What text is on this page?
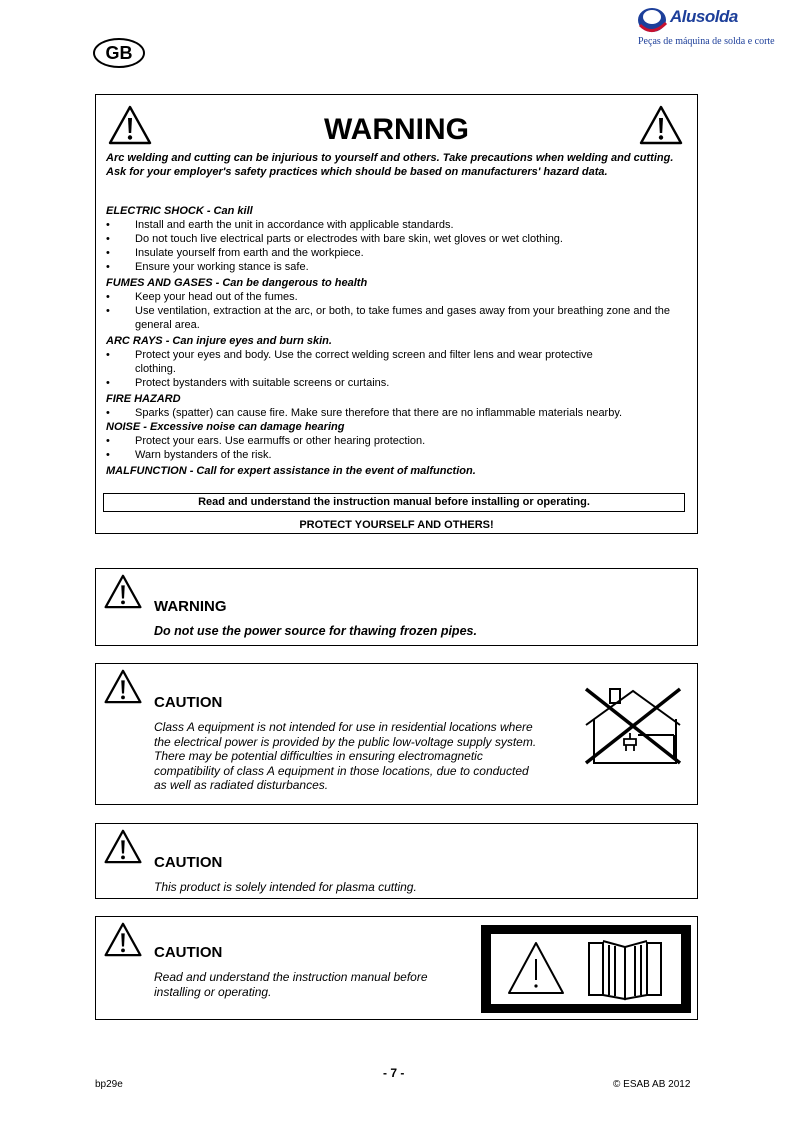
GB
Alusolda
Peças de máquina de solda e corte
WARNING
Arc welding and cutting can be injurious to yourself and others. Take precautions when welding and cutting. Ask for your employer's safety practices which should be based on manufacturers' hazard data.
ELECTRIC SHOCK - Can kill
• Install and earth the unit in accordance with applicable standards.
• Do not touch live electrical parts or electrodes with bare skin, wet gloves or wet clothing.
• Insulate yourself from earth and the workpiece.
• Ensure your working stance is safe.
FUMES AND GASES - Can be dangerous to health
• Keep your head out of the fumes.
• Use ventilation, extraction at the arc, or both, to take fumes and gases away from your breathing zone and the general area.
ARC RAYS - Can injure eyes and burn skin.
• Protect your eyes and body. Use the correct welding screen and filter lens and wear protective clothing.
• Protect bystanders with suitable screens or curtains.
FIRE HAZARD
• Sparks (spatter) can cause fire. Make sure therefore that there are no inflammable materials nearby.
NOISE - Excessive noise can damage hearing
• Protect your ears. Use earmuffs or other hearing protection.
• Warn bystanders of the risk.
MALFUNCTION - Call for expert assistance in the event of malfunction.
Read and understand the instruction manual before installing or operating.
PROTECT YOURSELF AND OTHERS!
WARNING
Do not use the power source for thawing frozen pipes.
CAUTION
Class A equipment is not intended for use in residential locations where
the electrical power is provided by the public low-voltage supply system.
There may be potential difficulties in ensuring electromagnetic
compatibility of class A equipment in those locations, due to conducted
as well as radiated disturbances.
CAUTION
This product is solely intended for plasma cutting.
CAUTION
Read and understand the instruction manual before
installing or operating.
- 7 -
bp29e	© ESAB AB 2012
